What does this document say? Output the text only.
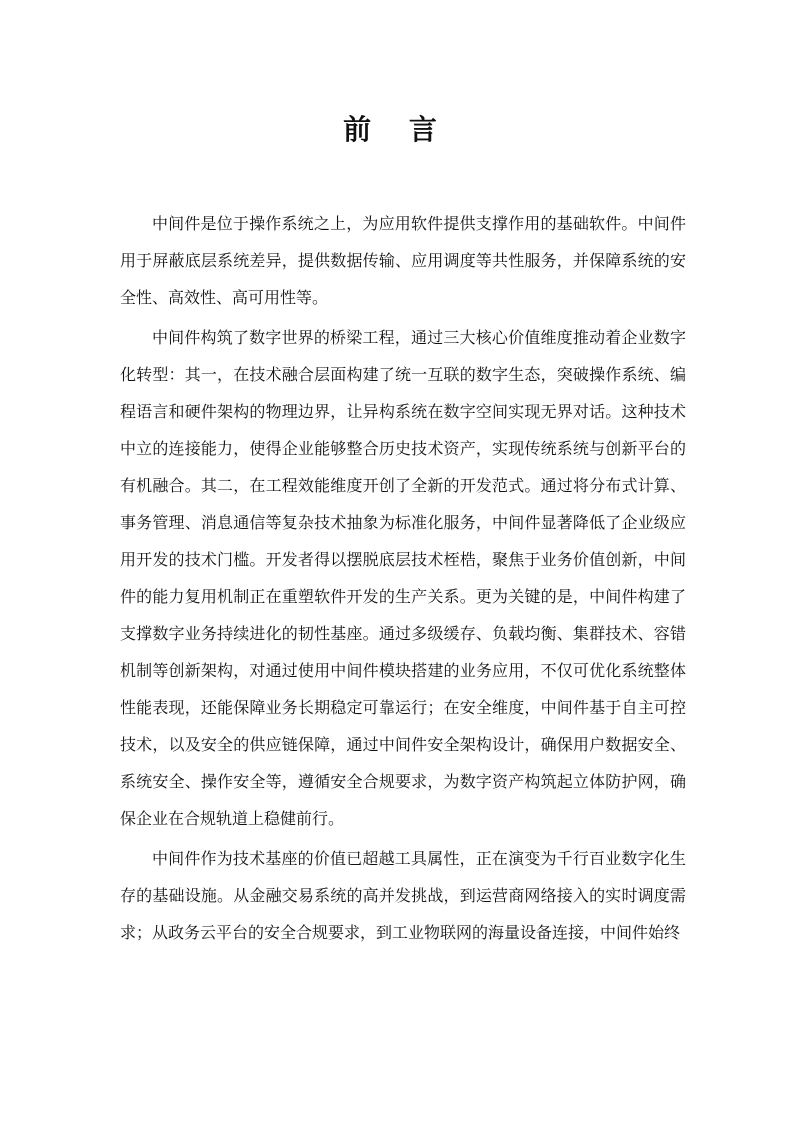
前 言

中间件是位于操作系统之上，为应用软件提供支撑作用的基础软件。中间件用于屏蔽底层系统差异，提供数据传输、应用调度等共性服务，并保障系统的安全性、高效性、高可用性等。

中间件构筑了数字世界的桥梁工程，通过三大核心价值维度推动着企业数字化转型：其一，在技术融合层面构建了统一互联的数字生态，突破操作系统、编程语言和硬件架构的物理边界，让异构系统在数字空间实现无界对话。这种技术中立的连接能力，使得企业能够整合历史技术资产，实现传统系统与创新平台的有机融合。其二，在工程效能维度开创了全新的开发范式。通过将分布式计算、事务管理、消息通信等复杂技术抽象为标准化服务，中间件显著降低了企业级应用开发的技术门槛。开发者得以摆脱底层技术桎梏，聚焦于业务价值创新，中间件的能力复用机制正在重塑软件开发的生产关系。更为关键的是，中间件构建了支撑数字业务持续进化的韧性基座。通过多级缓存、负载均衡、集群技术、容错机制等创新架构，对通过使用中间件模块搭建的业务应用，不仅可优化系统整体性能表现，还能保障业务长期稳定可靠运行；在安全维度，中间件基于自主可控技术，以及安全的供应链保障，通过中间件安全架构设计，确保用户数据安全、系统安全、操作安全等，遵循安全合规要求，为数字资产构筑起立体防护网，确保企业在合规轨道上稳健前行。

中间件作为技术基座的价值已超越工具属性，正在演变为千行百业数字化生存的基础设施。从金融交易系统的高并发挑战，到运营商网络接入的实时调度需求；从政务云平台的安全合规要求，到工业物联网的海量设备连接，中间件始终
